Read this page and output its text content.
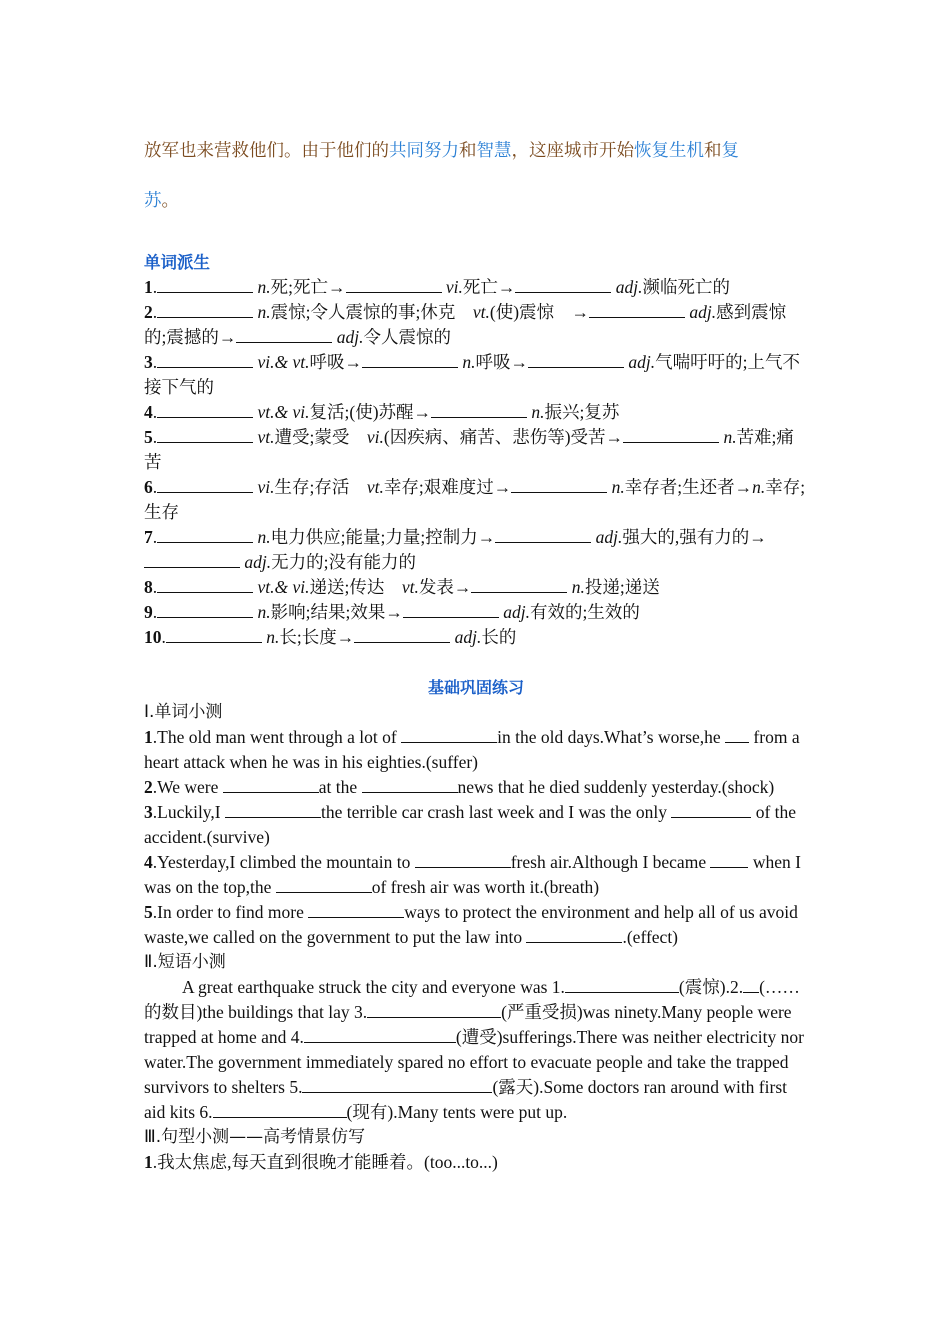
放军也来营救他们。由于他们的共同努力和智慧，这座城市开始恢复生机和复
苏。

单词派生

1.	n.死;死亡→	vi.死亡→	adj.濒临死亡的

2.	n.震惊;令人震惊的事;休克　vt.(使)震惊　→	adj.感到震惊的;震撼的→	adj.令人震惊的

3.	vi.& vt.呼吸→	n.呼吸→	adj.气喘吁吁的;上气不接下气的

4.	vt.& vi.复活;(使)苏醒→	n.振兴;复苏

5.	vt.遭受;蒙受　vi.(因疾病、痛苦、悲伤等)受苦→	n.苦难;痛苦

6.	vi.生存;存活　vt.幸存;艰难度过→	n.幸存者;生还者→n.幸存;生存

7.	n.电力供应;能量;力量;控制力→	adj.强大的,强有力的→ adj.无力的;没有能力的

8.	vt.& vi.递送;传达　vt.发表→	n.投递;递送

9.	n.影响;结果;效果→	adj.有效的;生效的

10.	n.长;长度→	adj.长的

基础巩固练习
Ⅰ.单词小测

1.The old man went through a lot of	in the old days.What’s worse,he  from a heart attack when he was in his eighties.(suffer)

2.We were	at the	news that he died suddenly yesterday.(shock)

3.Luckily,I	the terrible car crash last week and I was the only	of the accident.(survive)

4.Yesterday,I climbed the mountain to	fresh air.Although I became  when I was on the top,the	of fresh air was worth it.(breath)

5.In order to find more	ways to protect the environment and help all of us avoid waste,we called on the government to put the law into	.(effect)

Ⅱ.短语小测

A great earthquake struck the city and everyone was 1.	(震惊).2. (……的数目)the buildings that lay 3.	(严重受损)was ninety.Many people were trapped at home and 4.	(遭受)sufferings.There was neither electricity nor water.The government immediately spared no effort to evacuate people and take the trapped survivors to shelters 5.	(露天).Some doctors ran around with first aid kits 6.	(现有).Many tents were put up.

Ⅲ.句型小测——高考情景仿写

1.我太焦虑,每天直到很晚才能睡着。(too...to...)
